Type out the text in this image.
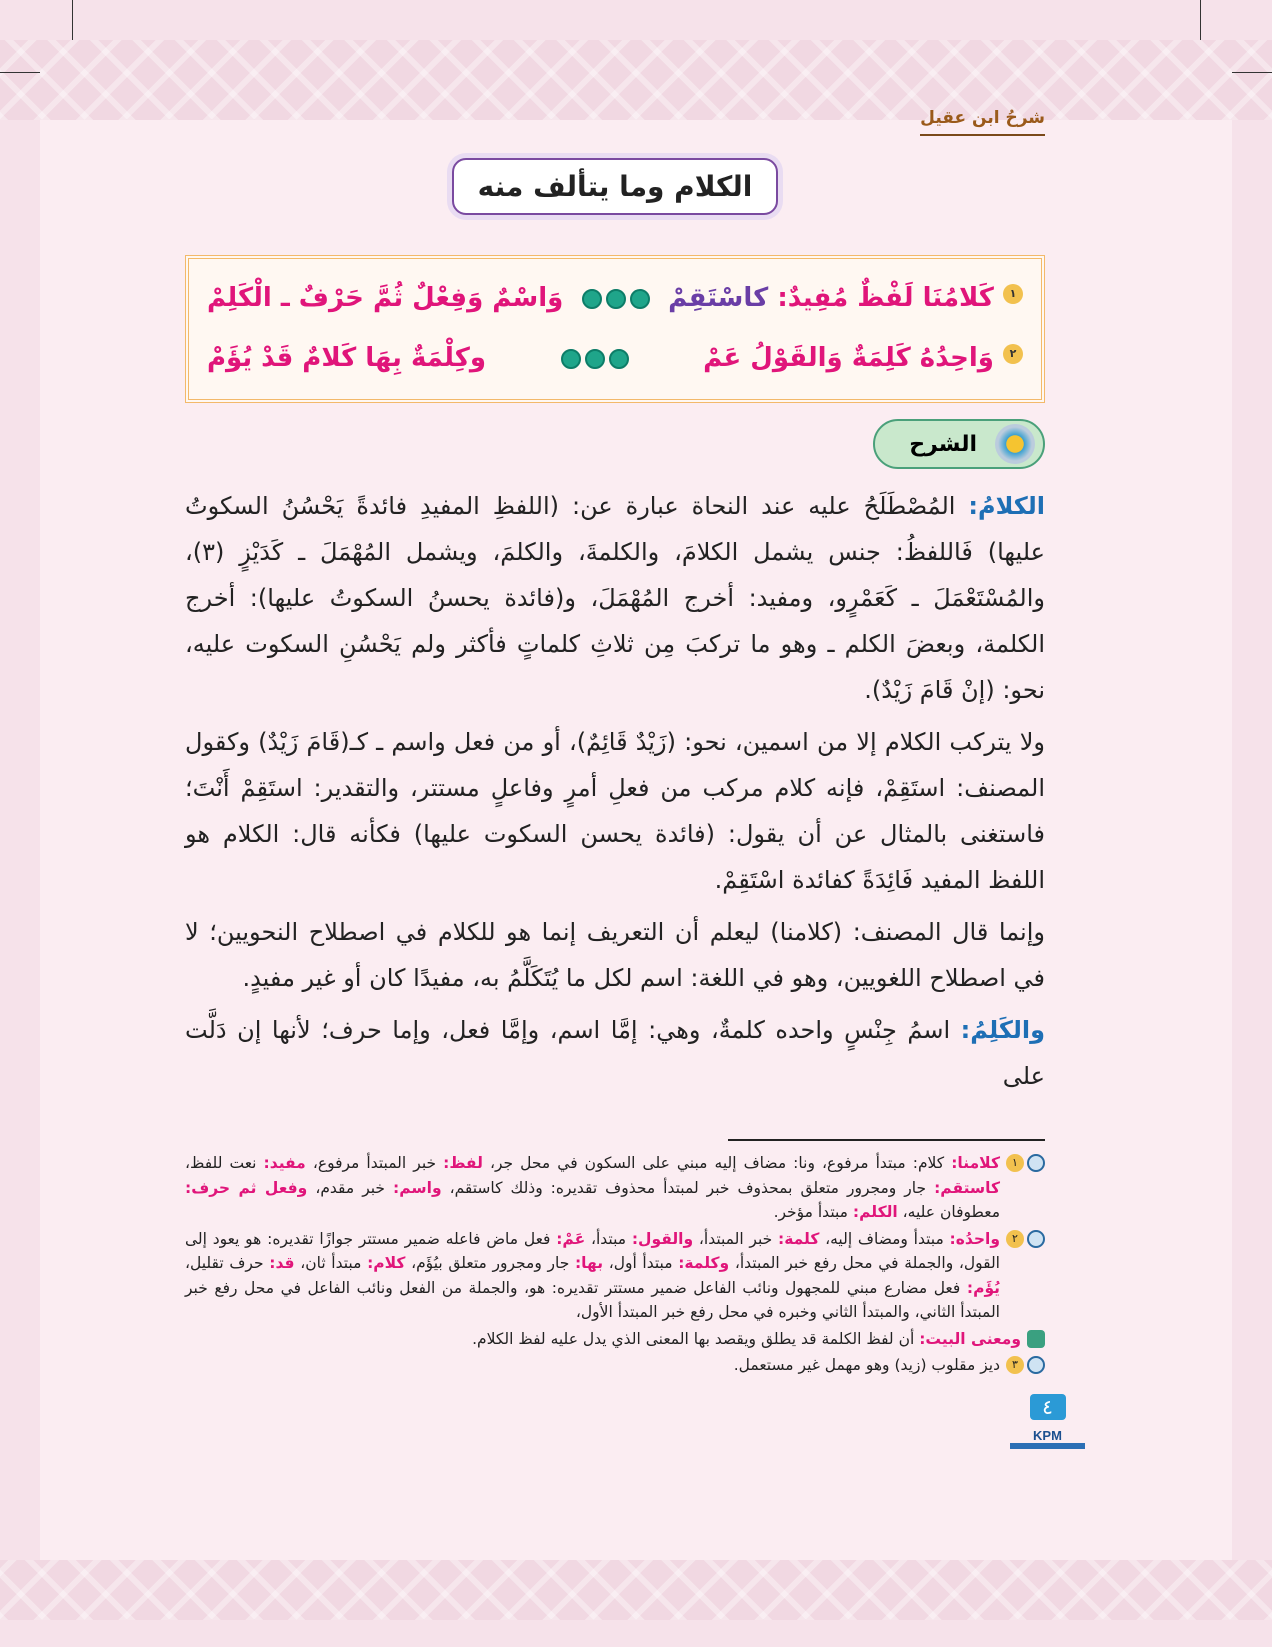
شرحُ ابن عقيل
الكلام وما يتألف منه
١ كَلامُنَا لَفْظٌ مُفِيدٌ: كاسْتَقِمْ
وَاسْمٌ وَفِعْلٌ ثُمَّ حَرْفٌ ـ الْكَلِمْ
٢ وَاحِدُهُ كَلِمَةٌ وَالقَوْلُ عَمْ
وكِلْمَةٌ بِهَا كَلامٌ قَدْ يُؤَمْ
الشرح

الكلامُ: المُصْطَلَحُ عليه عند النحاة عبارة عن: (اللفظِ المفيدِ فائدةً يَحْسُنُ السكوتُ عليها) فَاللفظُ: جنس يشمل الكلامَ، والكلمةَ، والكلمَ، ويشمل المُهْمَلَ ـ كَدَيْزٍ (٣)، والمُسْتَعْمَلَ ـ كَعَمْرٍو، ومفيد: أخرج المُهْمَلَ، و(فائدة يحسنُ السكوتُ عليها): أخرج الكلمة، وبعضَ الكلم ـ وهو ما تركبَ مِن ثلاثِ كلماتٍ فأكثر ولم يَحْسُنِ السكوت عليه، نحو: (إنْ قَامَ زَيْدٌ).

ولا يتركب الكلام إلا من اسمين، نحو: (زَيْدٌ قَائِمٌ)، أو من فعل واسم ـ كـ(قَامَ زَيْدٌ) وكقول المصنف: استَقِمْ، فإنه كلام مركب من فعلِ أمرٍ وفاعلٍ مستتر، والتقدير: استَقِمْ أَنْتَ؛ فاستغنى بالمثال عن أن يقول: (فائدة يحسن السكوت عليها) فكأنه قال: الكلام هو اللفظ المفيد فَائِدَةً كفائدة اسْتَقِمْ.

وإنما قال المصنف: (كلامنا) ليعلم أن التعريف إنما هو للكلام في اصطلاح النحويين؛ لا في اصطلاح اللغويين، وهو في اللغة: اسم لكل ما يُتَكَلَّمُ به، مفيدًا كان أو غير مفيدٍ.

والكَلِمُ: اسمُ جِنْسٍ واحده كلمةٌ، وهي: إمَّا اسم، وإمَّا فعل، وإما حرف؛ لأنها إن دَلَّت على

١
كلامنا: كلام: مبتدأ مرفوع، ونا: مضاف إليه مبني على السكون في محل جر، لفظ: خبر المبتدأ مرفوع، مفيد: نعت للفظ، كاستقم: جار ومجرور متعلق بمحذوف خبر لمبتدأ محذوف تقديره: وذلك كاستقم، واسم: خبر مقدم، وفعل ثم حرف: معطوفان عليه، الكلم: مبتدأ مؤخر.
٢
واحدُه: مبتدأ ومضاف إليه، كلمة: خبر المبتدأ، والقول: مبتدأ، عَمْ: فعل ماض فاعله ضمير مستتر جوازًا تقديره: هو يعود إلى القول، والجملة في محل رفع خبر المبتدأ، وكلمة: مبتدأ أول، بها: جار ومجرور متعلق بيُؤَم، كلام: مبتدأ ثان، قد: حرف تقليل، يُؤَم: فعل مضارع مبني للمجهول ونائب الفاعل ضمير مستتر تقديره: هو، والجملة من الفعل ونائب الفاعل في محل رفع خبر المبتدأ الثاني، والمبتدأ الثاني وخبره في محل رفع خبر المبتدأ الأول،
ومعنى البيت: أن لفظ الكلمة قد يطلق ويقصد بها المعنى الذي يدل عليه لفظ الكلام.
٣
ديز مقلوب (زيد) وهو مهمل غير مستعمل.
٤
KPM
